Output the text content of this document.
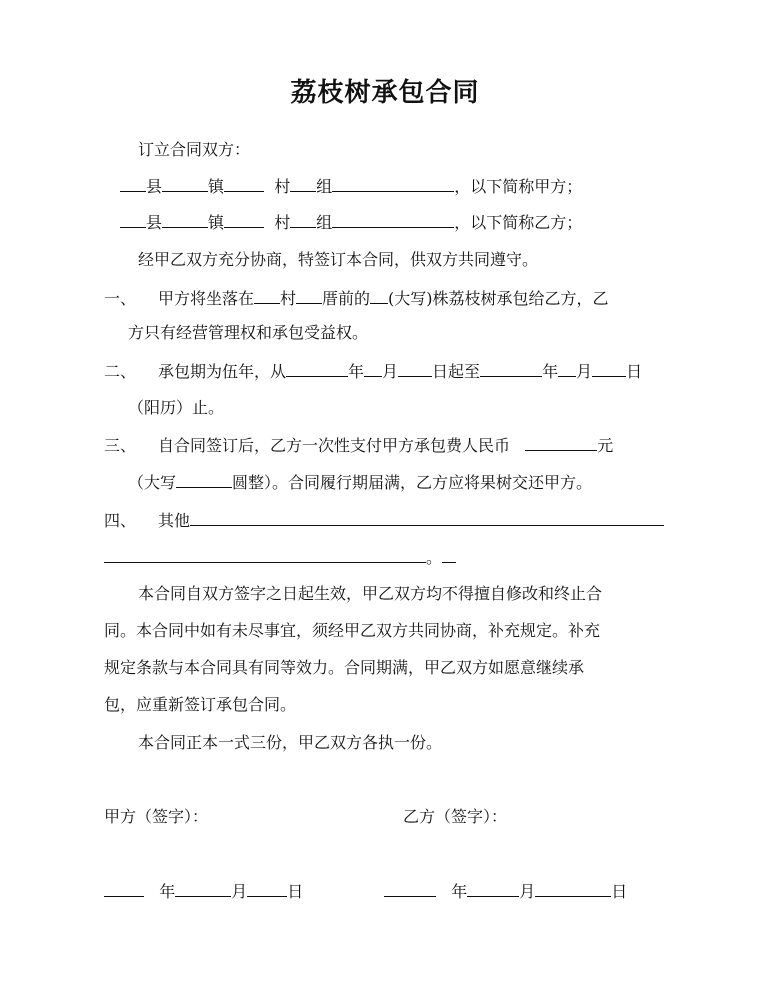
荔枝树承包合同
订立合同双方：
县	镇	村 组	，以下简称甲方；
县	镇	村 组	，以下简称乙方；
经甲乙双方充分协商，特签订本合同，供双方共同遵守。
一、 甲方将坐落在 村 厝前的 (大写)株荔枝树承包给乙方，乙
方只有经营管理权和承包受益权。
二、 承包期为伍年，从	年 月 日起至	年 月 日
（阳历）止。
三、 自合同签订后，乙方一次性支付甲方承包费人民币	元
（大写	圆整）。合同履行期届满，乙方应将果树交还甲方。
四、 其他
。
本合同自双方签字之日起生效，甲乙双方均不得擅自修改和终止合
同。本合同中如有未尽事宜，须经甲乙双方共同协商，补充规定。补充
规定条款与本合同具有同等效力。合同期满，甲乙双方如愿意继续承
包，应重新签订承包合同。
本合同正本一式三份，甲乙双方各执一份。
甲方（签字）：	乙方（签字）：
年	月	日	年	月	日
